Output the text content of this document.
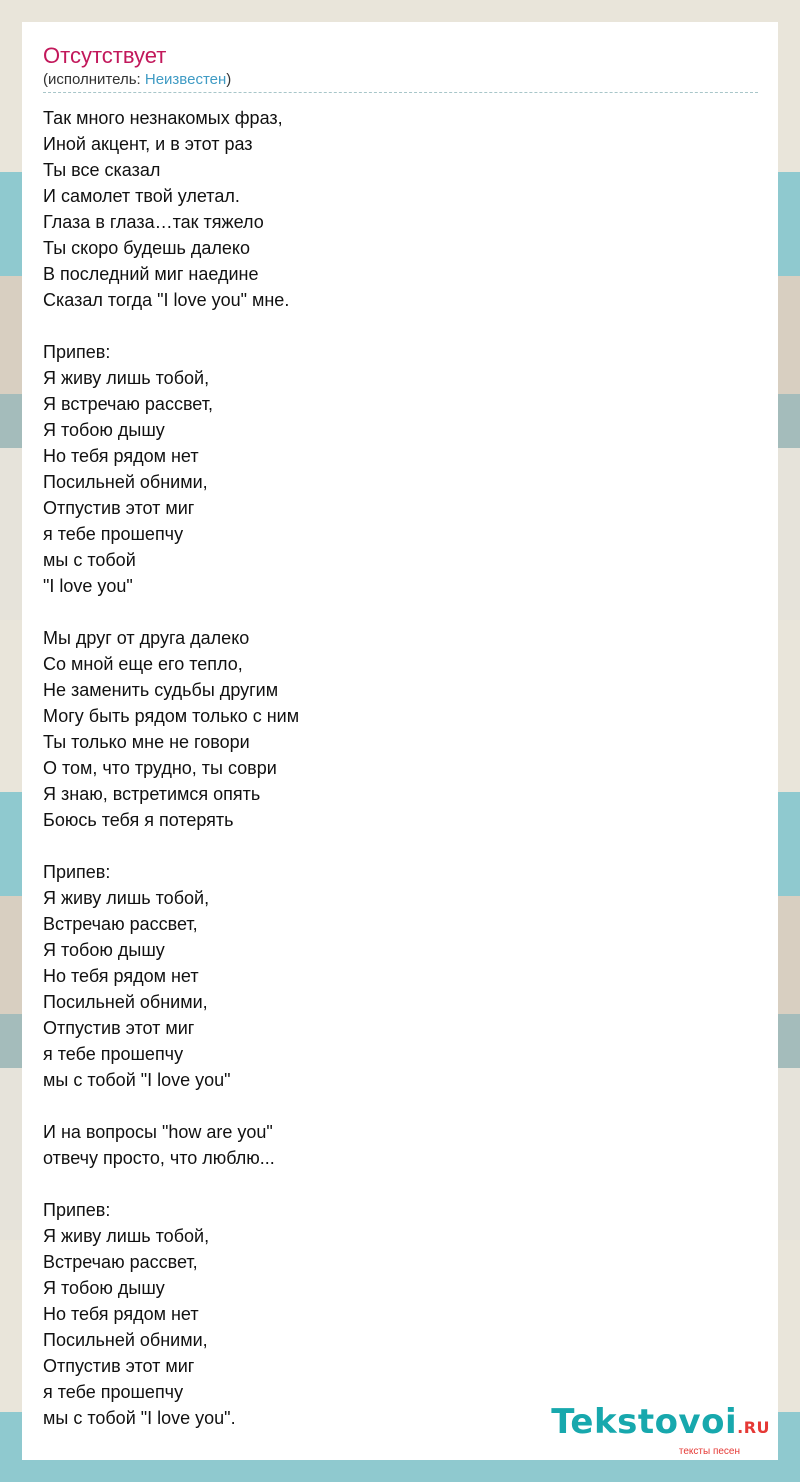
Отсутствует
(исполнитель: Неизвестен)
Так много незнакомых фраз,
Иной акцент, и в этот раз
Ты все сказал
И самолет твой улетал.
Глаза в глаза…так тяжело
Ты скоро будешь далеко
В последний миг наедине
Сказал тогда "I love you" мне.
Припев:
Я живу лишь тобой,
Я встречаю рассвет,
Я тобою дышу
Но тебя рядом нет
Посильней обними,
Отпустив этот миг
я тебе прошепчу
мы с тобой
"I love you"
Мы друг от друга далеко
Со мной еще его тепло,
Не заменить судьбы другим
Могу быть рядом только с ним
Ты только мне не говори
О том, что трудно, ты соври
Я знаю, встретимся опять
Боюсь тебя я потерять
Припев:
Я живу лишь тобой,
Встречаю рассвет,
Я тобою дышу
Но тебя рядом нет
Посильней обними,
Отпустив этот миг
я тебе прошепчу
мы с тобой "I love you"
И на вопросы "how are you"
отвечу просто, что люблю...
Припев:
Я живу лишь тобой,
Встречаю рассвет,
Я тобою дышу
Но тебя рядом нет
Посильней обними,
Отпустив этот миг
я тебе прошепчу
мы с тобой "I love you".	Tekstovoi.RU
тексты песен
